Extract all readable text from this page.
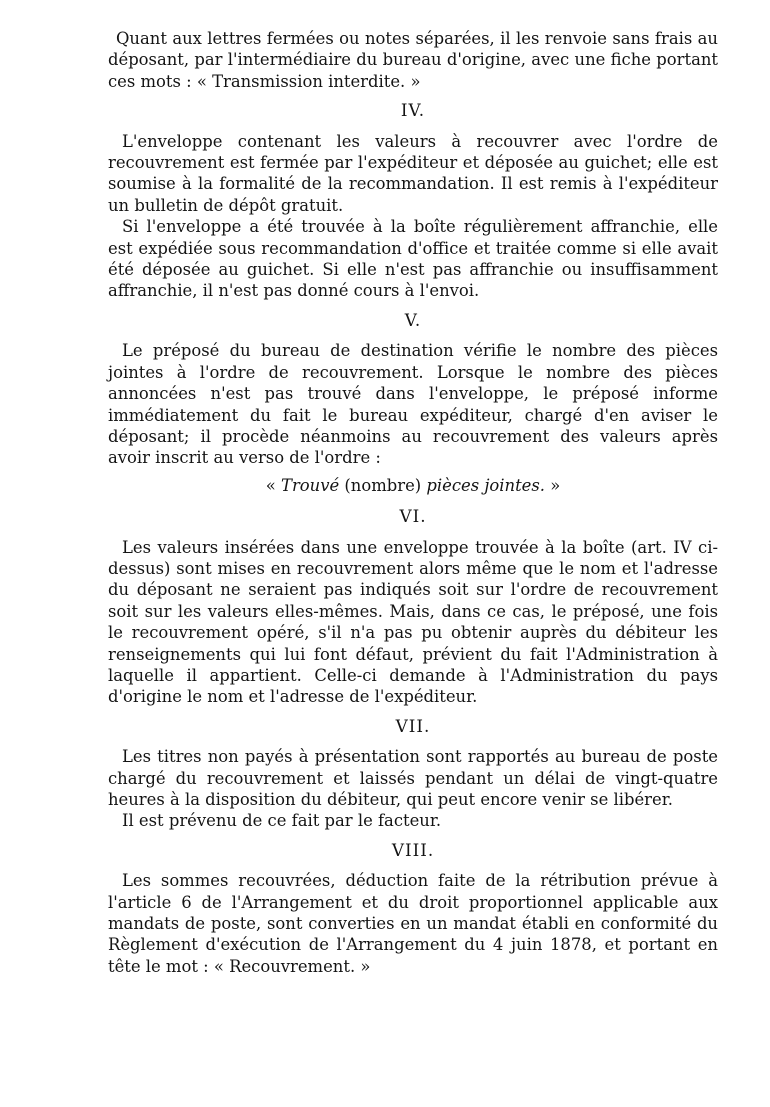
Quant aux lettres fermées ou notes séparées, il les renvoie sans frais au déposant, par l'intermédiaire du bureau d'origine, avec une fiche portant ces mots : « Transmission interdite. »

IV.

L'enveloppe contenant les valeurs à recouvrer avec l'ordre de recouvrement est fermée par l'expéditeur et déposée au guichet; elle est soumise à la formalité de la recommandation. Il est remis à l'expéditeur un bulletin de dépôt gratuit.

Si l'enveloppe a été trouvée à la boîte régulièrement affranchie, elle est expédiée sous recommandation d'office et traitée comme si elle avait été déposée au guichet. Si elle n'est pas affranchie ou insuffisamment affranchie, il n'est pas donné cours à l'envoi.

V.

Le préposé du bureau de destination vérifie le nombre des pièces jointes à l'ordre de recouvrement. Lorsque le nombre des pièces annoncées n'est pas trouvé dans l'enveloppe, le préposé informe immédiatement du fait le bureau expéditeur, chargé d'en aviser le déposant; il procède néanmoins au recouvrement des valeurs après avoir inscrit au verso de l'ordre :

« Trouvé (nombre) pièces jointes. »
VI.

Les valeurs insérées dans une enveloppe trouvée à la boîte (art. IV ci-dessus) sont mises en recouvrement alors même que le nom et l'adresse du déposant ne seraient pas indiqués soit sur l'ordre de recouvrement soit sur les valeurs elles-mêmes. Mais, dans ce cas, le préposé, une fois le recouvrement opéré, s'il n'a pas pu obtenir auprès du débiteur les renseignements qui lui font défaut, prévient du fait l'Administration à laquelle il appartient. Celle-ci demande à l'Administration du pays d'origine le nom et l'adresse de l'expéditeur.

VII.

Les titres non payés à présentation sont rapportés au bureau de poste chargé du recouvrement et laissés pendant un délai de vingt-quatre heures à la disposition du débiteur, qui peut encore venir se libérer.

Il est prévenu de ce fait par le facteur.

VIII.

Les sommes recouvrées, déduction faite de la rétribution prévue à l'article 6 de l'Arrangement et du droit proportionnel applicable aux mandats de poste, sont converties en un mandat établi en conformité du Règlement d'exécution de l'Arrangement du 4 juin 1878, et portant en tête le mot : « Recouvrement. »
